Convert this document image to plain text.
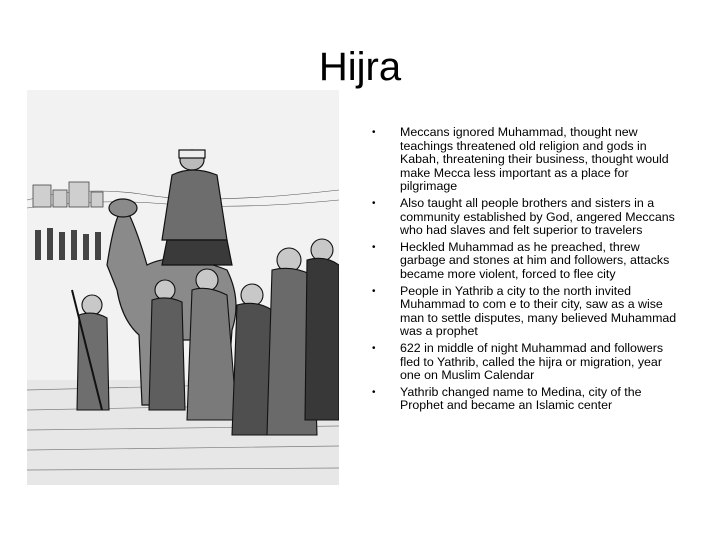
Hijra
• Meccans ignored Muhammad, thought new teachings threatened old religion and gods in Kabah, threatening their business, thought would make Mecca less important as a place for pilgrimage
• Also taught all people brothers and sisters in a community established by God, angered Meccans who had slaves and felt superior to travelers
• Heckled Muhammad as he preached, threw garbage and stones at him and followers, attacks became more violent, forced to flee city
• People in Yathrib a city to the north invited Muhammad to com e to their city, saw as a wise man to settle disputes, many believed Muhammad was a prophet
• 622 in middle of night Muhammad and followers fled to Yathrib, called the hijra or migration, year one on Muslim Calendar
• Yathrib changed name to Medina, city of the Prophet and became an Islamic center
